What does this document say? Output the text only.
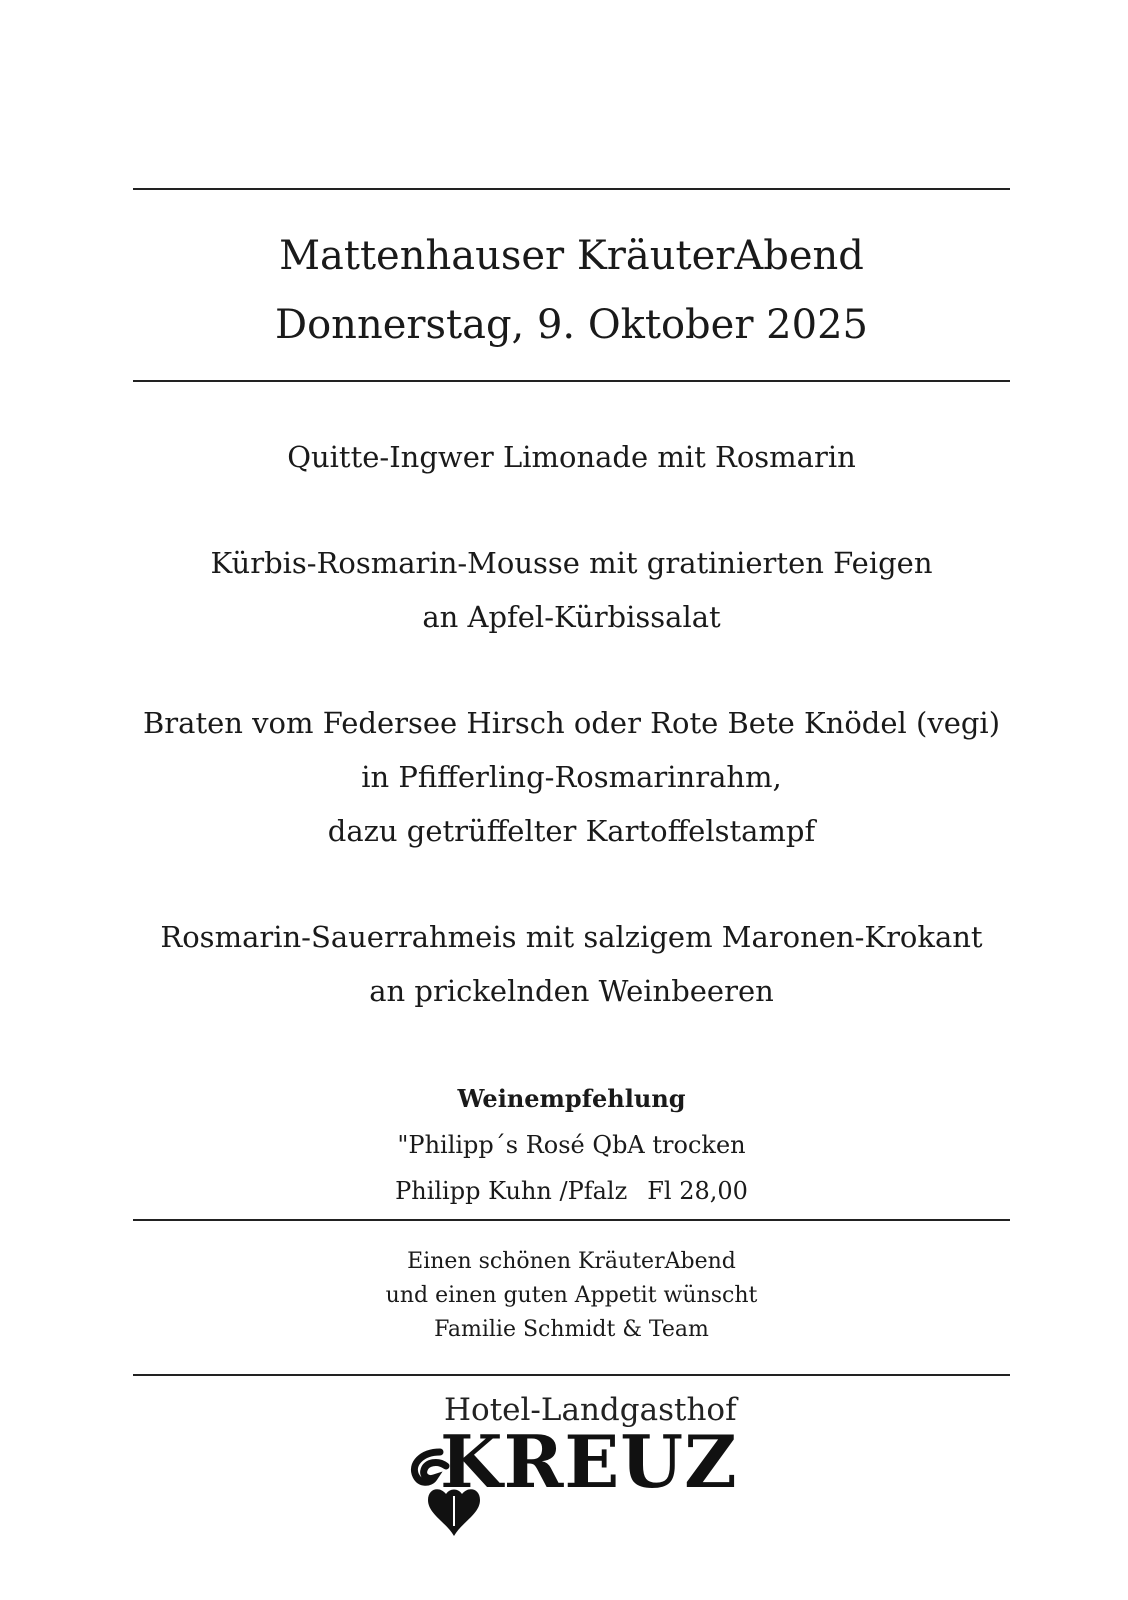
Mattenhauser KräuterAbend
Donnerstag, 9. Oktober 2025
Quitte-Ingwer Limonade mit Rosmarin
Kürbis-Rosmarin-Mousse mit gratinierten Feigen
an Apfel-Kürbissalat
Braten vom Federsee Hirsch oder Rote Bete Knödel (vegi)
in Pfifferling-Rosmarinrahm,
dazu getrüffelter Kartoffelstampf
Rosmarin-Sauerrahmeis mit salzigem Maronen-Krokant
an prickelnden Weinbeeren
Weinempfehlung
"Philipp´s Rosé QbA trocken
Philipp Kuhn /Pfalz Fl 28,00
Einen schönen KräuterAbend
und einen guten Appetit wünscht
Familie Schmidt & Team
Hotel-Landgasthof
KREUZ
